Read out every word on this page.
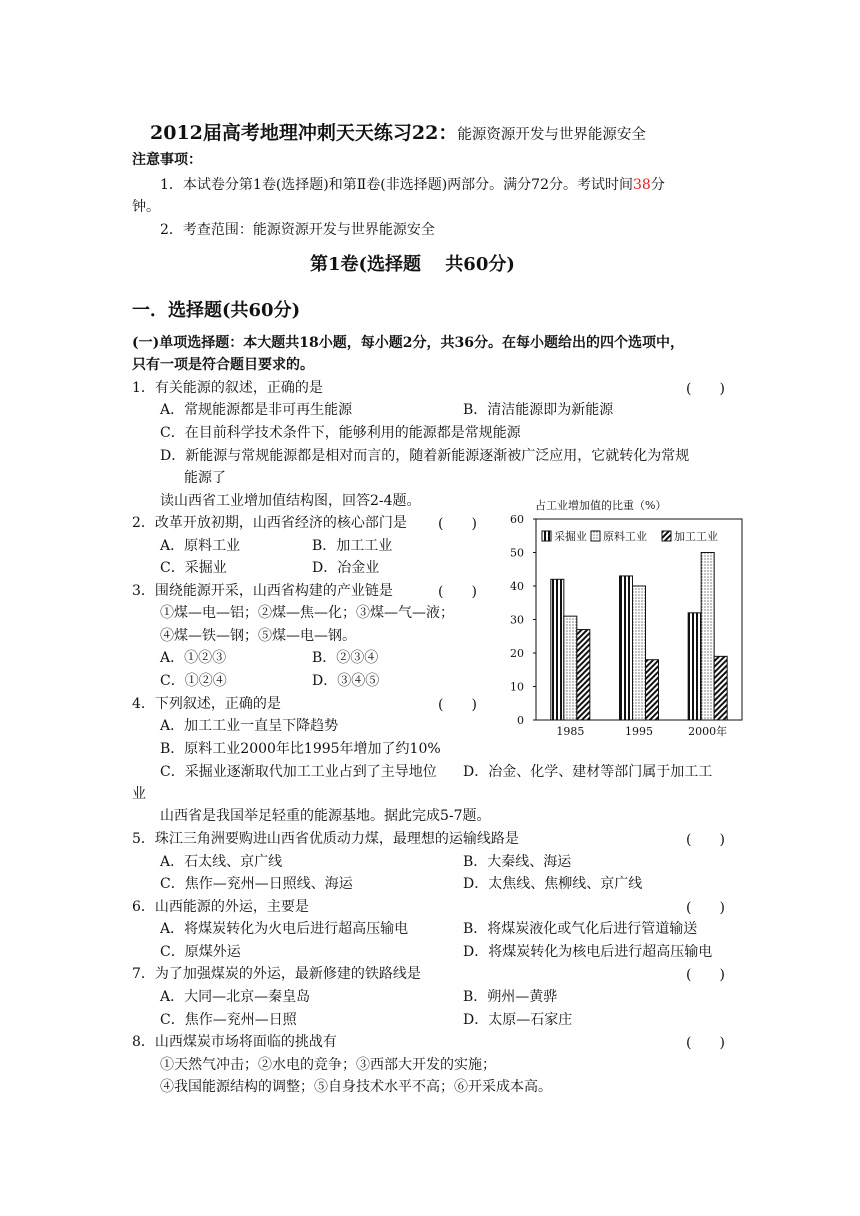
2012届高考地理冲刺天天练习22：能源资源开发与世界能源安全
注意事项：
1．本试卷分第1卷(选择题)和第Ⅱ卷(非选择题)两部分。满分72分。考试时间38分
钟。
2．考查范围：能源资源开发与世界能源安全
第1卷(选择题　 共60分)
一．选择题(共60分)
(一)单项选择题：本大题共18小题，每小题2分，共36分。在每小题给出的四个选项中，
只有一项是符合题目要求的。
1．有关能源的叙述，正确的是	(　　)
A．常规能源都是非可再生能源	B．清洁能源即为新能源
C．在目前科学技术条件下，能够利用的能源都是常规能源
D．新能源与常规能源都是相对而言的，随着新能源逐渐被广泛应用，它就转化为常规
能源了
读山西省工业增加值结构图，回答2-4题。
2．改革开放初期，山西省经济的核心部门是 (　　)
A．原料工业	B．加工工业
C．采掘业	D．冶金业
3．围绕能源开采，山西省构建的产业链是	(　　)
①煤—电—铝；②煤—焦—化；③煤—气—液；
④煤—铁—钢；⑤煤—电—钢。
A．①②③	B．②③④
C．①②④	D．③④⑤
4．下列叙述，正确的是	(　　)
A．加工工业一直呈下降趋势
B．原料工业2000年比1995年增加了约10%
C．采掘业逐渐取代加工工业占到了主导地位 D．冶金、化学、建材等部门属于加工工
业
山西省是我国举足轻重的能源基地。据此完成5-7题。
5．珠江三角洲要购进山西省优质动力煤，最理想的运输线路是	(　　)
A．石太线、京广线	B．大秦线、海运
C．焦作—兖州—日照线、海运	D．太焦线、焦柳线、京广线
6．山西能源的外运，主要是	(　　)
A．将煤炭转化为火电后进行超高压输电	B．将煤炭液化或气化后进行管道输送
C．原煤外运	D．将煤炭转化为核电后进行超高压输电
7．为了加强煤炭的外运，最新修建的铁路线是	(　　)
A．大同—北京—秦皇岛	B．朔州—黄骅
C．焦作—兖州—日照	D．太原—石家庄
8．山西煤炭市场将面临的挑战有	(　　)
①天然气冲击；②水电的竞争；③西部大开发的实施；
④我国能源结构的调整；⑤自身技术水平不高；⑥开采成本高。
占工业增加值的比重（%）
0
10
20
30
40
50
60
1985	1995	2000年
采掘业 原料工业 加工工业
